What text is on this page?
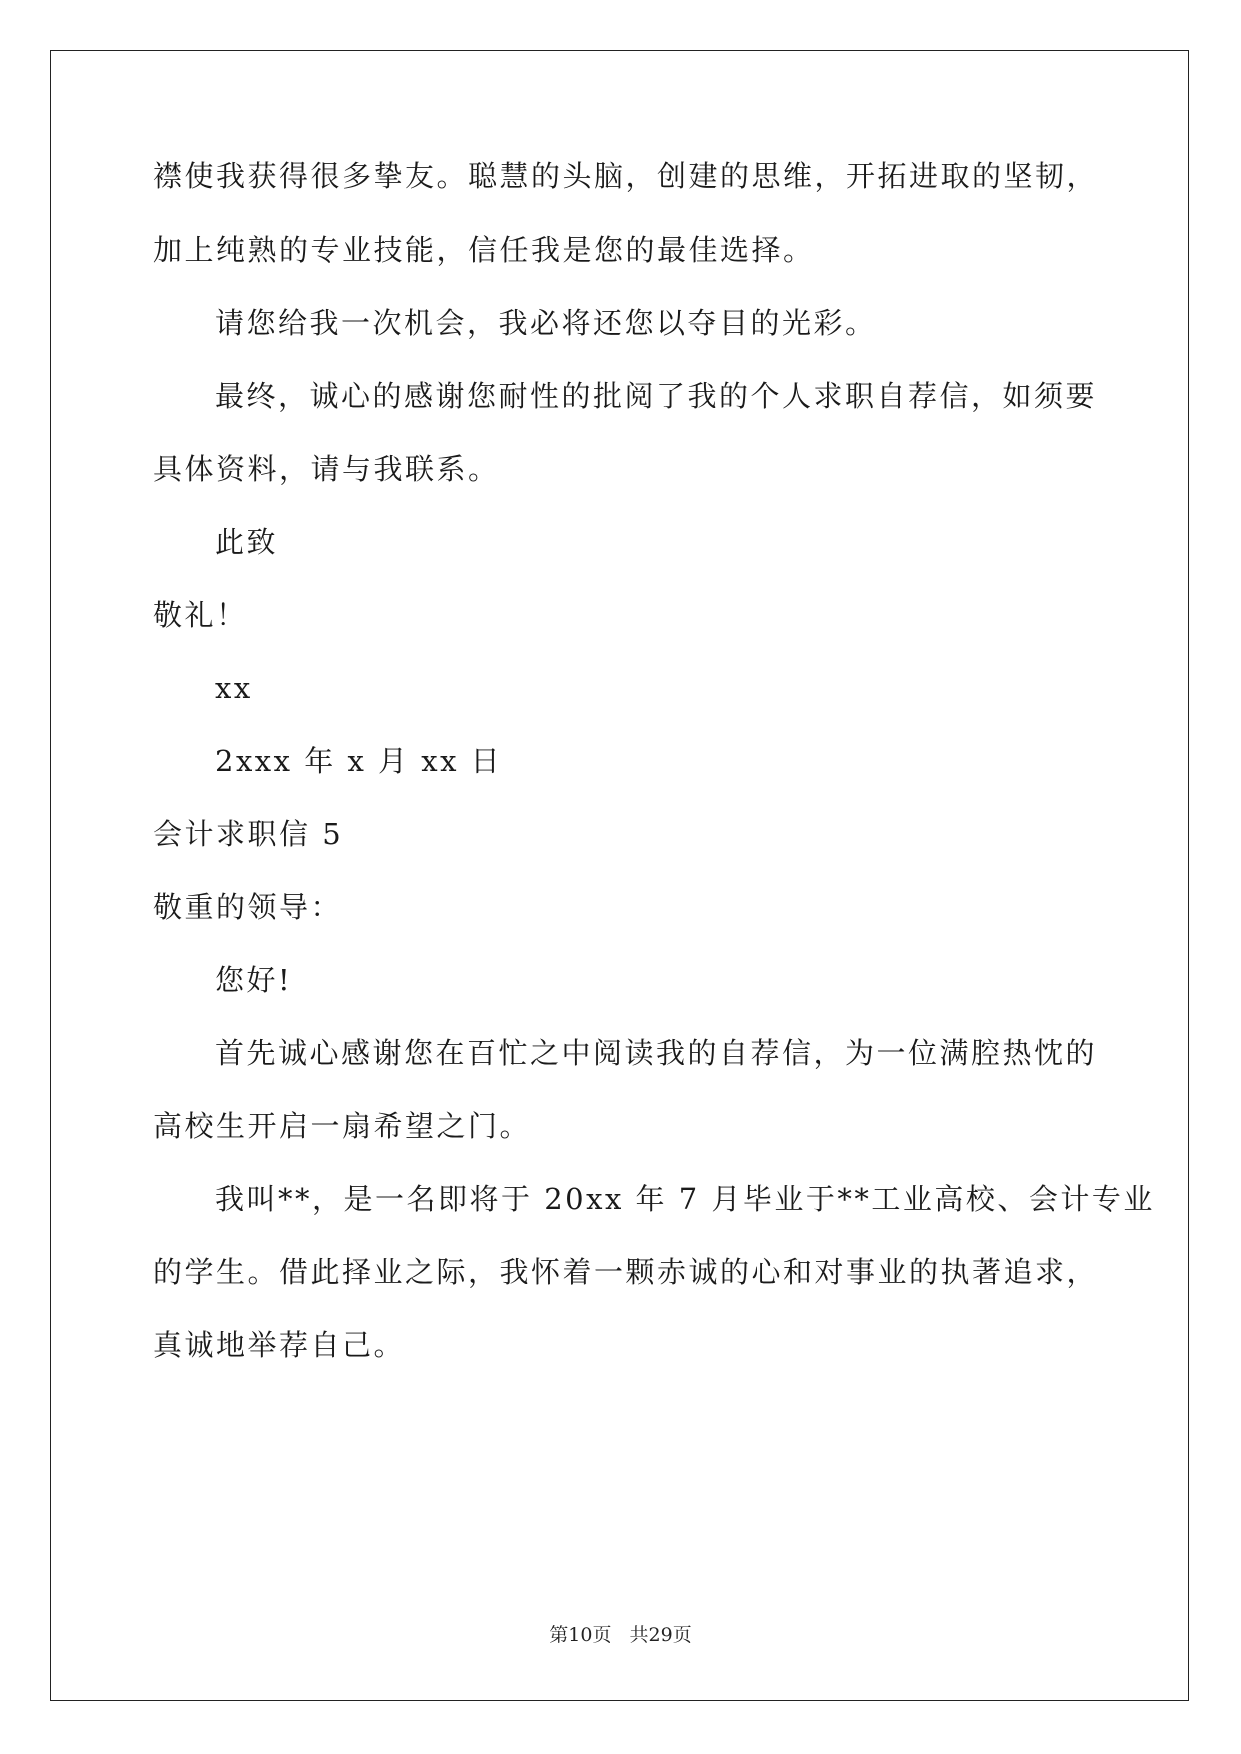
襟使我获得很多挚友。聪慧的头脑，创建的思维，开拓进取的坚韧，
加上纯熟的专业技能，信任我是您的最佳选择。
请您给我一次机会，我必将还您以夺目的光彩。
最终，诚心的感谢您耐性的批阅了我的个人求职自荐信，如须要
具体资料，请与我联系。
此致
敬礼！
xx
2xxx 年 x 月 xx 日
会计求职信 5
敬重的领导：
您好!
首先诚心感谢您在百忙之中阅读我的自荐信，为一位满腔热忱的
高校生开启一扇希望之门。
我叫**，是一名即将于 20xx 年 7 月毕业于**工业高校、会计专业
的学生。借此择业之际，我怀着一颗赤诚的心和对事业的执著追求，
真诚地举荐自己。
第10页 共29页
